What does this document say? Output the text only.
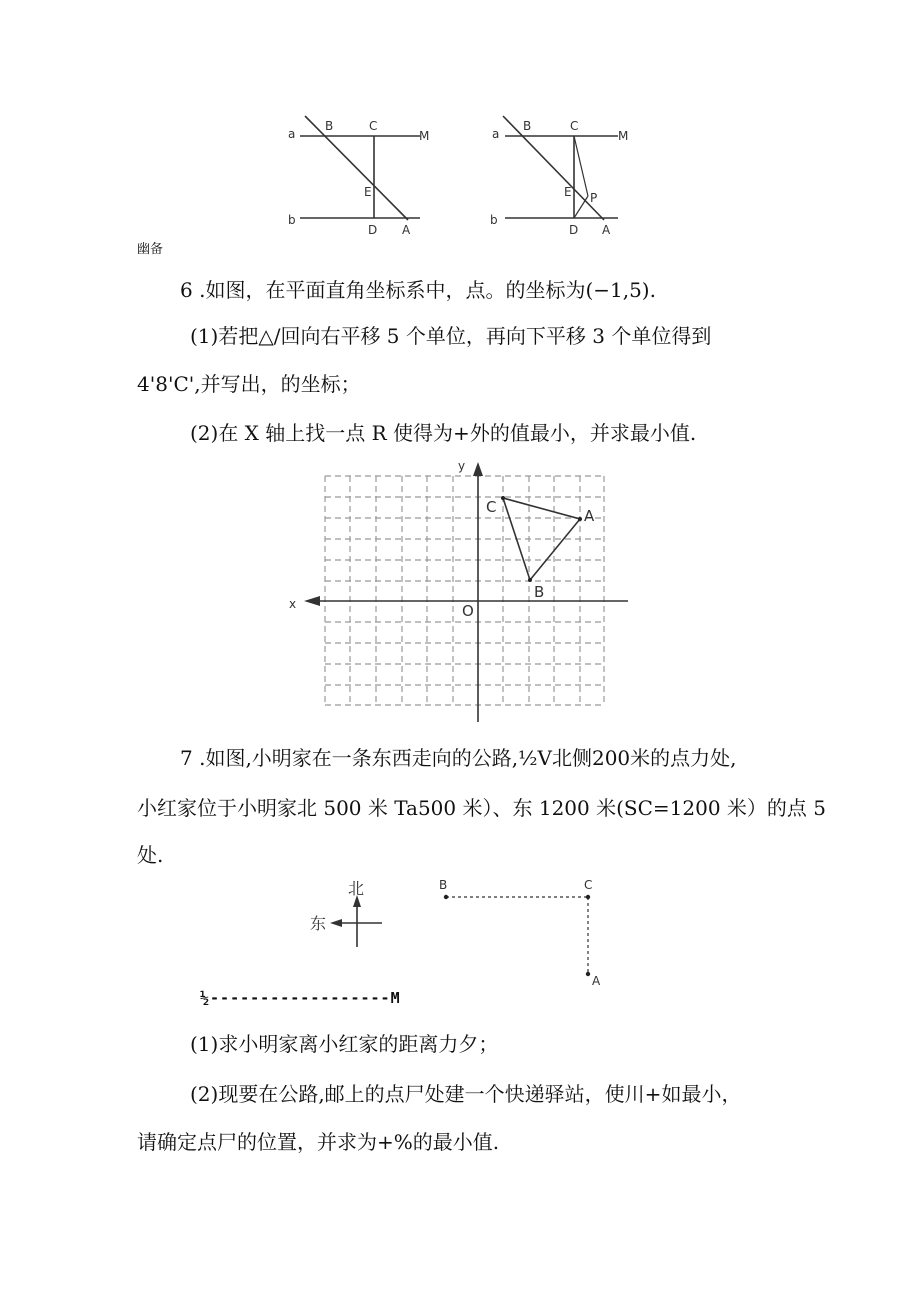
a
b
B	C
M
E
D A
a
b
B	C
M
E P
D A
幽备
6 .如图，在平面直角坐标系中，点。的坐标为(−1,5).
(1)若把△/回向右平移 5 个单位，再向下平移 3 个单位得到
4'8'C',并写出，的坐标；
(2)在 X 轴上找一点 R 使得为+外的值最小，并求最小值.
x
y
O
C	A
B
7 .如图,小明家在一条东西走向的公路,½V北侧200米的点力处,
小红家位于小明家北 500 米 Ta500 米）、东 1200 米(SC=1200 米）的点 5
处.
北
东
B	C
A
½------------------M
(1)求小明家离小红家的距离力夕；
(2)现要在公路,邮上的点尸处建一个快递驿站，使川+如最小，
请确定点尸的位置，并求为+%的最小值.
